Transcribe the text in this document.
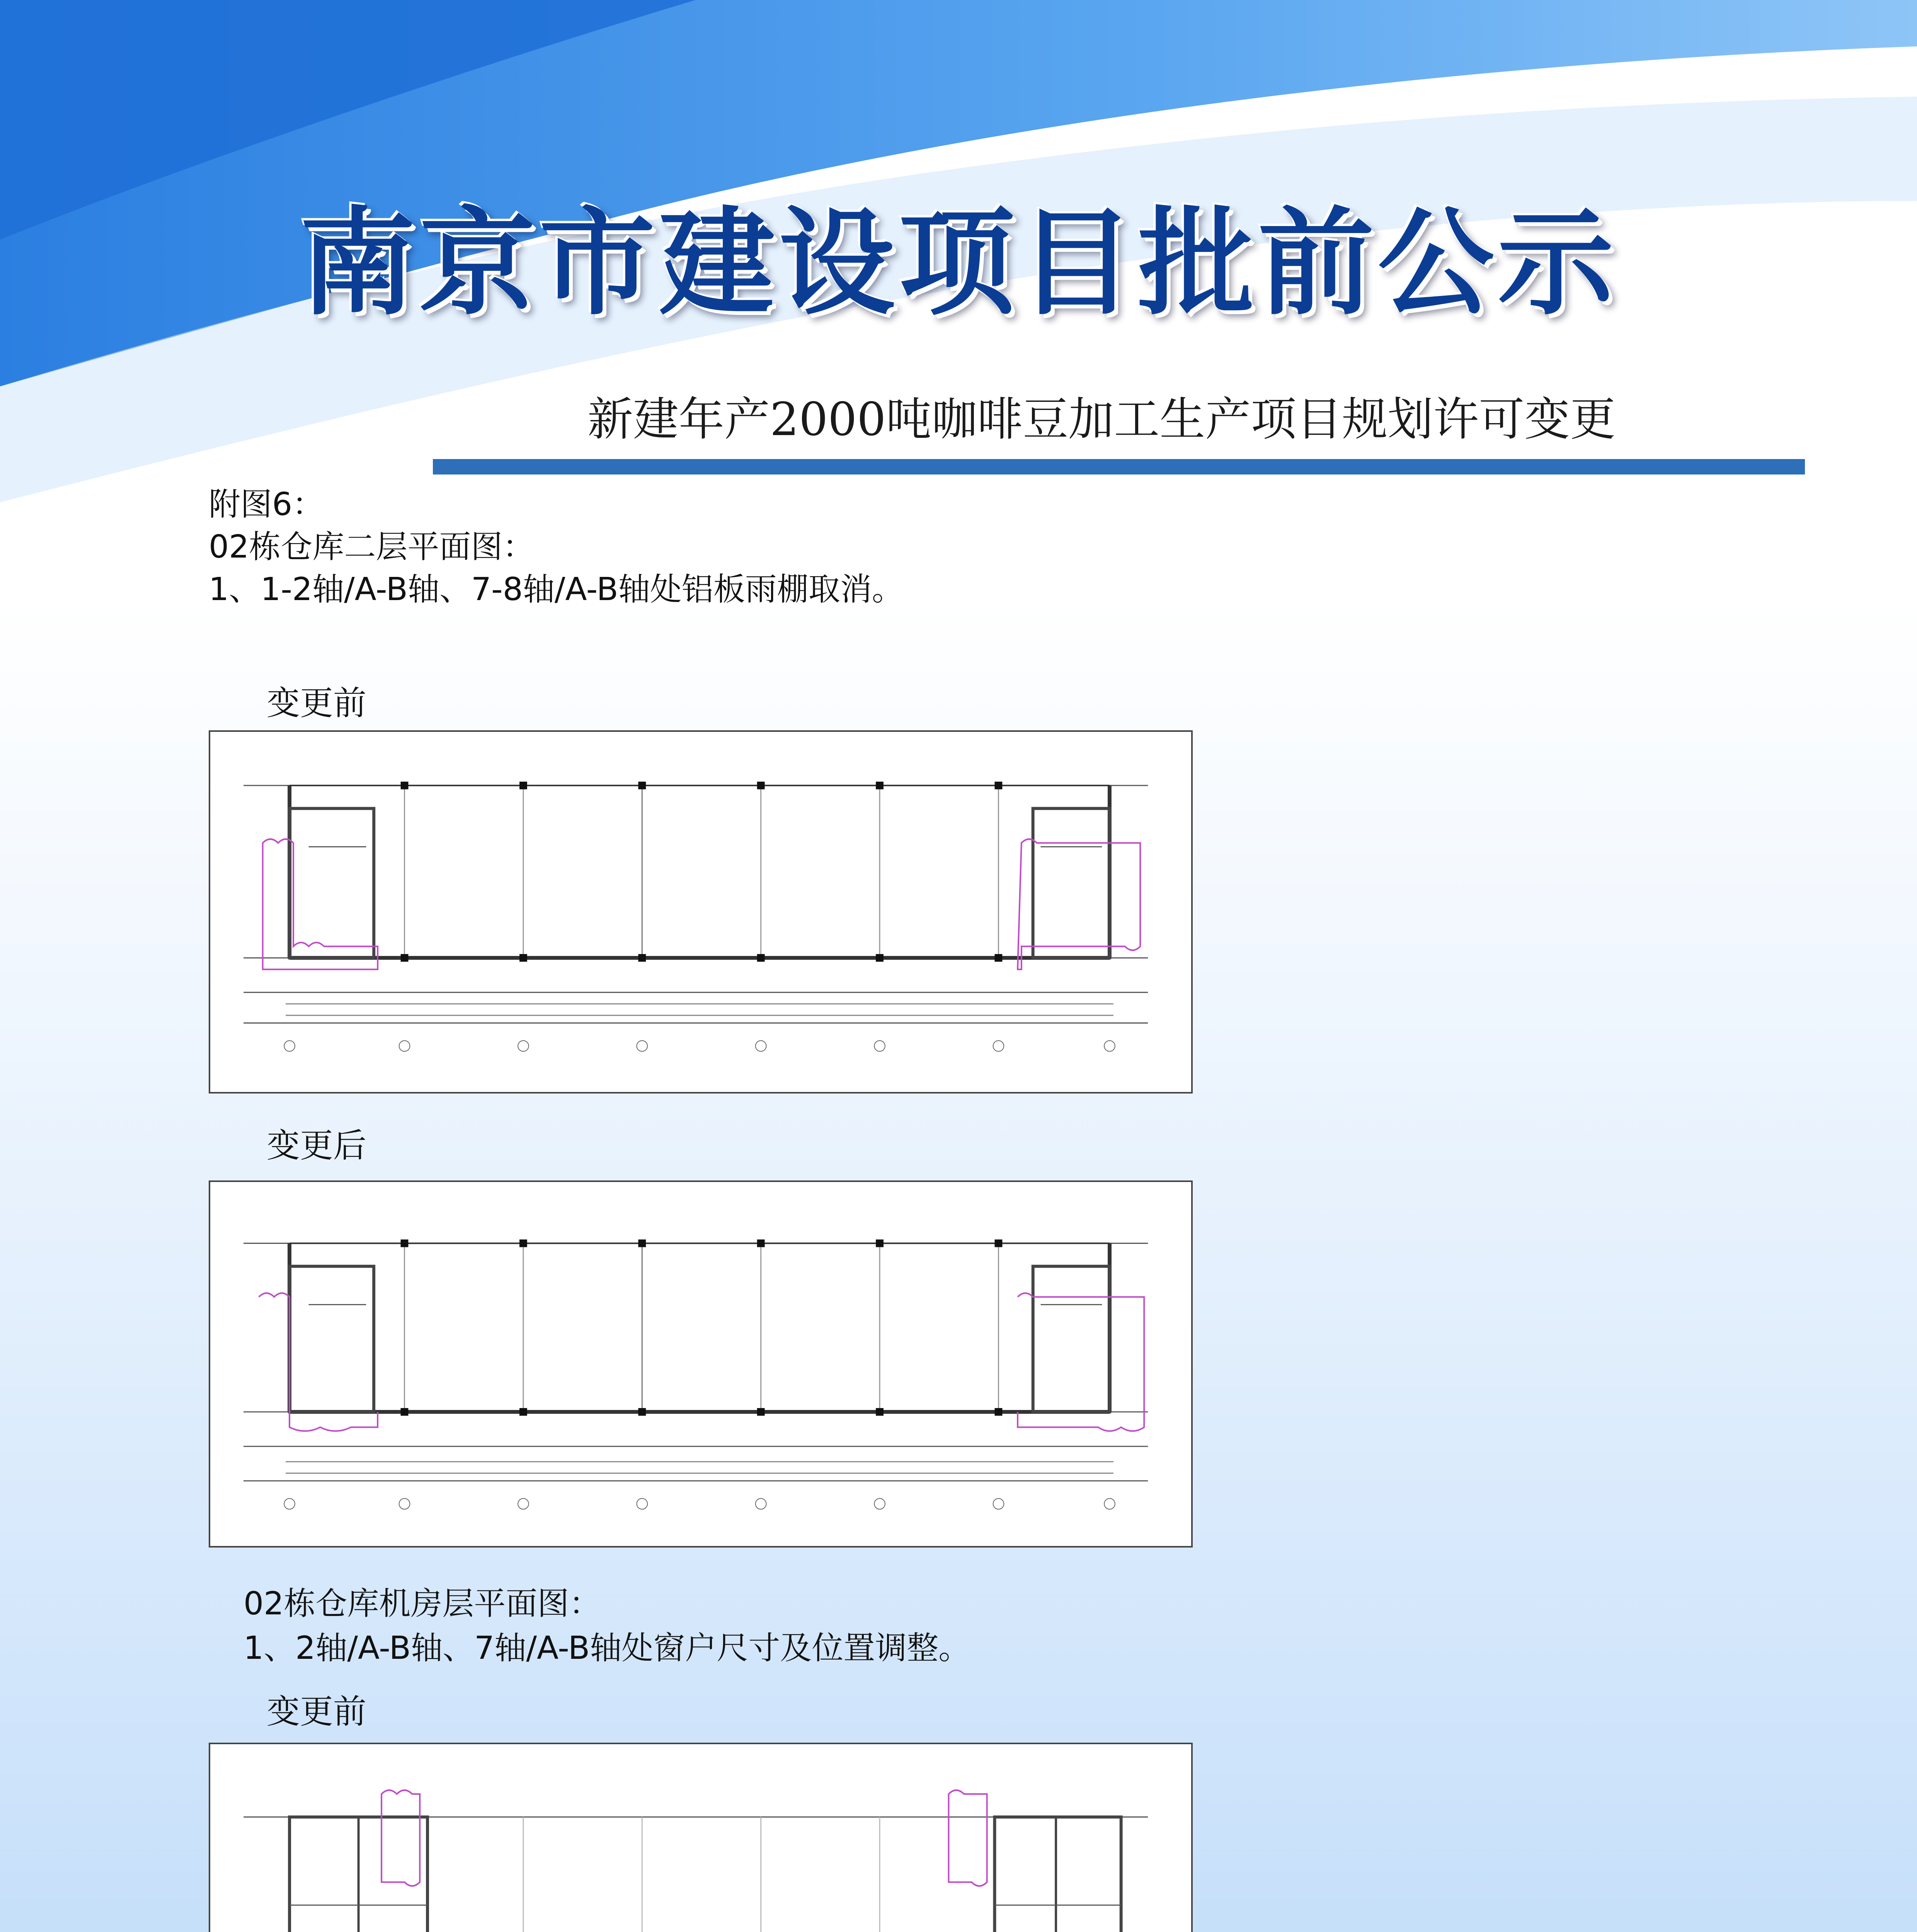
南京市建设项目批前公示
新建年产2000吨咖啡豆加工生产项目规划许可变更
附图6：
02栋仓库二层平面图：
1、1-2轴/A-B轴、7-8轴/A-B轴处铝板雨棚取消。
变更前
变更后
02栋仓库机房层平面图：
1、2轴/A-B轴、7轴/A-B轴处窗户尺寸及位置调整。
变更前
